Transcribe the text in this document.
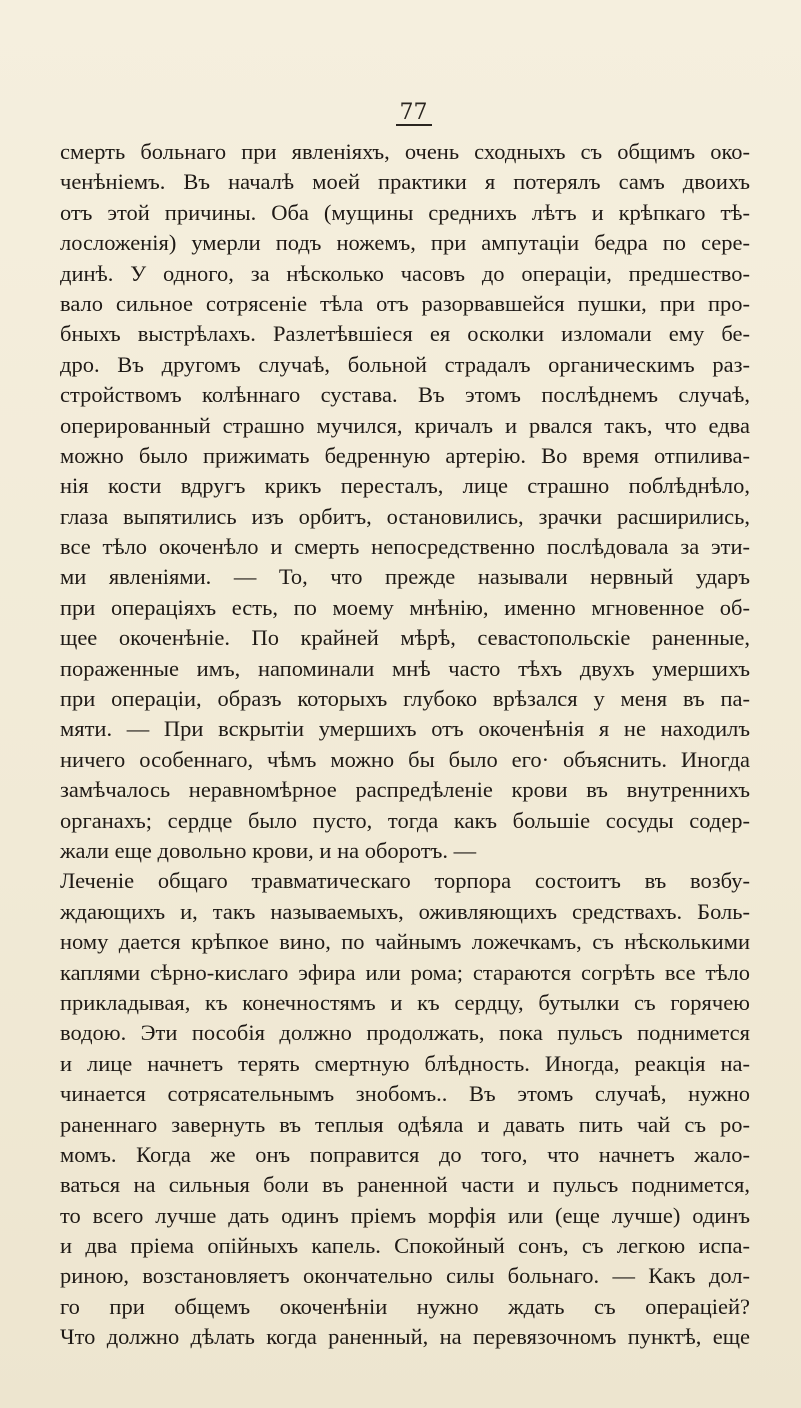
77
смерть больнаго при явленіяхъ, очень сходныхъ съ общимъ око-
ченѣніемъ. Въ началѣ моей практики я потерялъ самъ двоихъ
отъ этой причины. Оба (мущины среднихъ лѣтъ и крѣпкаго тѣ-
лосложенія) умерли подъ ножемъ, при ампутаціи бедра по сере-
динѣ. У одного, за нѣсколько часовъ до операціи, предшество-
вало сильное сотрясеніе тѣла отъ разорвавшейся пушки, при про-
бныхъ выстрѣлахъ. Разлетѣвшіеся ея осколки изломали ему бе-
дро. Въ другомъ случаѣ, больной страдалъ органическимъ раз-
стройствомъ колѣннаго сустава. Въ этомъ послѣднемъ случаѣ,
оперированный страшно мучился, кричалъ и рвался такъ, что едва
можно было прижимать бедренную артерію. Во время отпилива-
нія кости вдругъ крикъ пересталъ, лице страшно поблѣднѣло,
глаза выпятились изъ орбитъ, остановились, зрачки расширились,
все тѣло окоченѣло и смерть непосредственно послѣдовала за эти-
ми явленіями. — То, что прежде называли нервный ударъ
при операціяхъ есть, по моему мнѣнію, именно мгновенное об-
щее окоченѣніе. По крайней мѣрѣ, севастопольскіе раненные,
пораженные имъ, напоминали мнѣ часто тѣхъ двухъ умершихъ
при операціи, образъ которыхъ глубоко врѣзался у меня въ па-
мяти. — При вскрытіи умершихъ отъ окоченѣнія я не находилъ
ничего особеннаго, чѣмъ можно бы было его· объяснить. Иногда
замѣчалось неравномѣрное распредѣленіе крови въ внутреннихъ
органахъ; сердце было пусто, тогда какъ большіе сосуды содер-
жали еще довольно крови, и на оборотъ. —
Леченіе общаго травматическаго торпора состоитъ въ возбу-
ждающихъ и, такъ называемыхъ, оживляющихъ средствахъ. Боль-
ному дается крѣпкое вино, по чайнымъ ложечкамъ, съ нѣсколькими
каплями сѣрно-кислаго эфира или рома; стараются согрѣть все тѣло
прикладывая, къ конечностямъ и къ сердцу, бутылки съ горячею
водою. Эти пособія должно продолжать, пока пульсъ поднимется
и лице начнетъ терять смертную блѣдность. Иногда, реакція на-
чинается сотрясательнымъ знобомъ.. Въ этомъ случаѣ, нужно
раненнаго завернуть въ теплыя одѣяла и давать пить чай съ ро-
момъ. Когда же онъ поправится до того, что начнетъ жало-
ваться на сильныя боли въ раненной части и пульсъ поднимется,
то всего лучше дать одинъ пріемъ морфія или (еще лучше) одинъ
и два пріема опійныхъ капель. Спокойный сонъ, съ легкою испа-
риною, возстановляетъ окончательно силы больнаго. — Какъ дол-
го при общемъ окоченѣніи нужно ждать съ операціей?
Что должно дѣлать когда раненный, на перевязочномъ пунктѣ, еще
